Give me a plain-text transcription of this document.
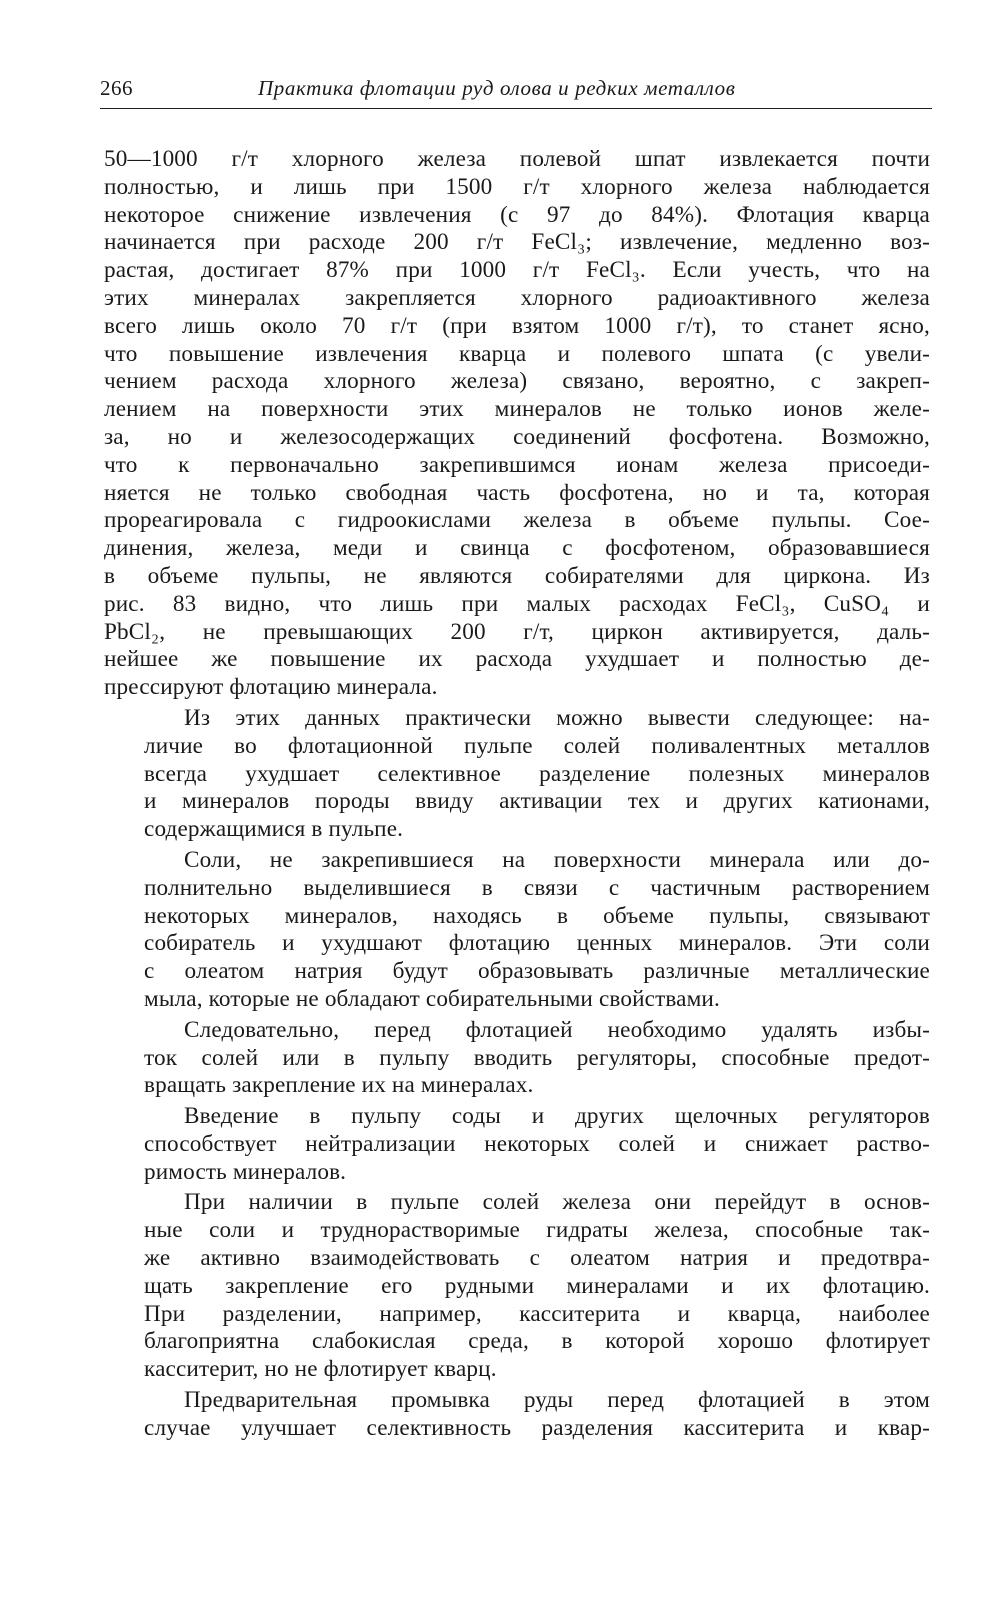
266	Практика флотации руд олова и редких металлов
50—1000 г/т хлорного железа полевой шпат извлекается почти
полностью, и лишь при 1500 г/т хлорного железа наблюдается
некоторое снижение извлечения (с 97 до 84%). Флотация кварца
начинается при расходе 200 г/т FeCl₃; извлечение, медленно воз-
растая, достигает 87% при 1000 г/т FeCl₃. Если учесть, что на
этих минералах закрепляется хлорного радиоактивного железа
всего лишь около 70 г/т (при взятом 1000 г/т), то станет ясно,
что повышение извлечения кварца и полевого шпата (с увели-
чением расхода хлорного железа) связано, вероятно, с закреп-
лением на поверхности этих минералов не только ионов желе-
за, но и железосодержащих соединений фосфотена. Возможно,
что к первоначально закрепившимся ионам железа присоеди-
няется не только свободная часть фосфотена, но и та, которая
прореагировала с гидроокислами железа в объеме пульпы. Сое-
динения, железа, меди и свинца с фосфотеном, образовавшиеся
в объеме пульпы, не являются собирателями для циркона. Из
рис. 83 видно, что лишь при малых расходах FeCl₃, CuSO₄ и
PbCl₂, не превышающих 200 г/т, циркон активируется, даль-
нейшее же повышение их расхода ухудшает и полностью де-
прессируют флотацию минерала.
Из этих данных практически можно вывести следующее: на-
личие во флотационной пульпе солей поливалентных металлов
всегда ухудшает селективное разделение полезных минералов
и минералов породы ввиду активации тех и других катионами,
содержащимися в пульпе.
Соли, не закрепившиеся на поверхности минерала или до-
полнительно выделившиеся в связи с частичным растворением
некоторых минералов, находясь в объеме пульпы, связывают
собиратель и ухудшают флотацию ценных минералов. Эти соли
с олеатом натрия будут образовывать различные металлические
мыла, которые не обладают собирательными свойствами.
Следовательно, перед флотацией необходимо удалять избы-
ток солей или в пульпу вводить регуляторы, способные предот-
вращать закрепление их на минералах.
Введение в пульпу соды и других щелочных регуляторов
способствует нейтрализации некоторых солей и снижает раство-
римость минералов.
При наличии в пульпе солей железа они перейдут в основ-
ные соли и труднорастворимые гидраты железа, способные так-
же активно взаимодействовать с олеатом натрия и предотвра-
щать закрепление его рудными минералами и их флотацию.
При разделении, например, касситерита и кварца, наиболее
благоприятна слабокислая среда, в которой хорошо флотирует
касситерит, но не флотирует кварц.
Предварительная промывка руды перед флотацией в этом
случае улучшает селективность разделения касситерита и квар-
